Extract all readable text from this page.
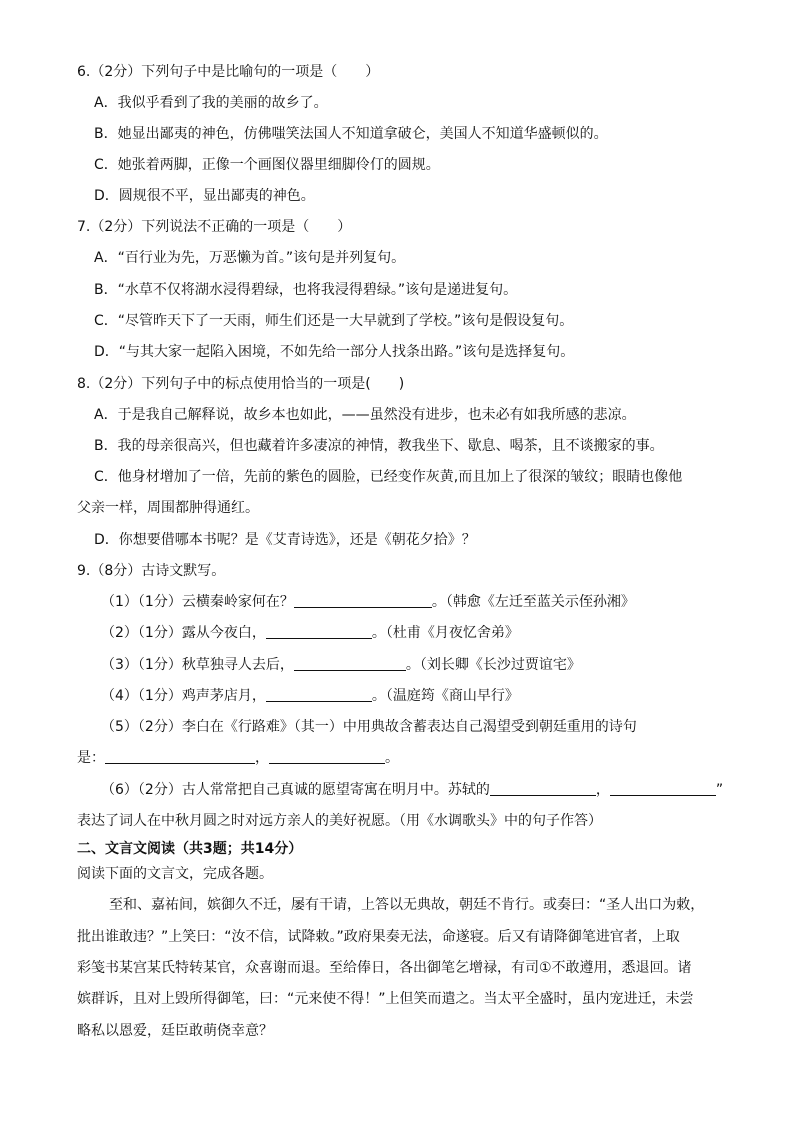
6.（2分）下列句子中是比喻句的一项是（　　）
A．我似乎看到了我的美丽的故乡了。
B．她显出鄙夷的神色，仿佛嗤笑法国人不知道拿破仑，美国人不知道华盛顿似的。
C．她张着两脚，正像一个画图仪器里细脚伶仃的圆规。
D．圆规很不平，显出鄙夷的神色。
7.（2分）下列说法不正确的一项是（　　）
A．“百行业为先，万恶懒为首。”该句是并列复句。
B．“水草不仅将湖水浸得碧绿，也将我浸得碧绿。”该句是递进复句。
C．“尽管昨天下了一天雨，师生们还是一大早就到了学校。”该句是假设复句。
D．“与其大家一起陷入困境，不如先给一部分人找条出路。”该句是选择复句。
8.（2分）下列句子中的标点使用恰当的一项是(　　)
A．于是我自己解释说，故乡本也如此，——虽然没有进步，也未必有如我所感的悲凉。
B．我的母亲很高兴，但也藏着许多凄凉的神情，教我坐下、歇息、喝茶，且不谈搬家的事。
C．他身材增加了一倍，先前的紫色的圆脸，已经变作灰黄,而且加上了很深的皱纹；眼睛也像他
父亲一样，周围都肿得通红。
D．你想要借哪本书呢？是《艾青诗选》，还是《朝花夕拾》？
9.（8分）古诗文默写。
（1）（1分）云横秦岭家何在？	。（韩愈《左迁至蓝关示侄孙湘》
（2）（1分）露从今夜白，	。（杜甫《月夜忆舍弟》
（3）（1分）秋草独寻人去后，	。（刘长卿《长沙过贾谊宅》
（4）（1分）鸡声茅店月，	。（温庭筠《商山早行》
（5）（2分）李白在《行路难》（其一）中用典故含蓄表达自己渴望受到朝廷重用的诗句
是：	，	。
（6）（2分）古人常常把自己真诚的愿望寄寓在明月中。苏轼的	，	”
表达了词人在中秋月圆之时对远方亲人的美好祝愿。（用《水调歌头》中的句子作答）
二、文言文阅读（共3题；共14分）
阅读下面的文言文，完成各题。
至和、嘉祐间，嫔御久不迁，屡有干请，上答以无典故，朝廷不肯行。或奏曰：“圣人出口为敕，
批出谁敢违？”上笑曰：“汝不信，试降敕。”政府果奏无法，命遂寝。后又有请降御笔进官者，上取
彩笺书某宫某氏特转某官，众喜谢而退。至给俸日，各出御笔乞增禄，有司①不敢遵用，悉退回。诸
嫔群诉，且对上毁所得御笔，曰：“元来使不得！”上但笑而遣之。当太平全盛时，虽内宠进迁，未尝
略私以恩爱，廷臣敢萌侥幸意？
